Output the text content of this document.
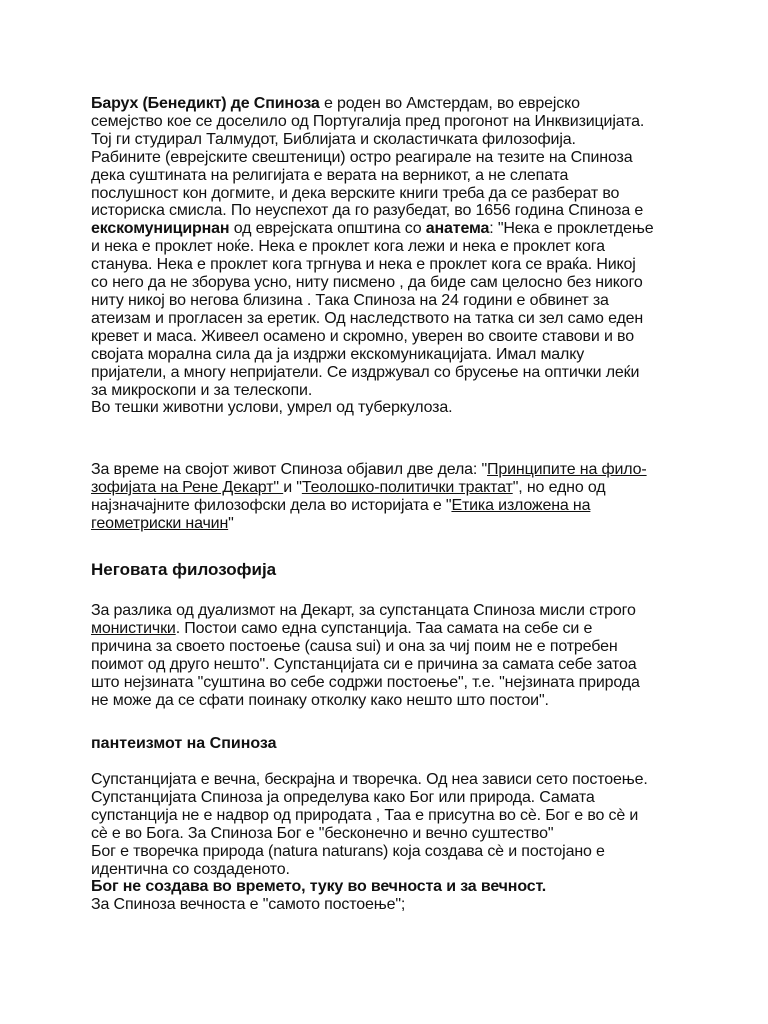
Барух (Бенедикт) де Спиноза е роден во Амстердам, во еврејско
семејство кое се доселило од Португалија пред прогонот на Инквизицијата.
Тој ги студирал Талмудот, Библијата и сколастичката филозофија.
Рабините (еврејските свештеници) остро реагирале на тезите на Спиноза
дека суштината на религијата е верата на верникот, а не слепата
послушност кон догмите, и дека верските книги треба да се разберат во
историска смисла. По неуспехот да го разубедат, во 1656 година Спиноза е
екскомуницирнан од еврејската општина со анатема: "Нека е проклетдење
и нека е проклет ноќе. Нека е проклет кога лежи и нека е проклет кога
станува. Нека е проклет кога тргнува и нека е проклет кога се враќа. Никој
со него да не зборува усно, ниту писмено , да биде сам целосно без никого
ниту никој во негова близина . Така Спиноза на 24 години е обвинет за
атеизам и прогласен за еретик. Од наследството на татка си зел само еден
кревет и маса. Живеел осамено и скромно, уверен во своите ставови и во
својата морална сила да ја издржи екскомуникацијата. Имал малку
пријатели, а многу непријатели. Се издржувал со брусење на оптички леќи
за микроскопи и за телескопи.
Во тешки животни услови, умрел од туберкулоза.
За време на својот живот Спиноза објавил две дела: "Принципите на фило-
зофијата на Рене Декарт" и "Теолошко-политички трактат", но едно од
најзначајните филозофски дела во историјата е "Етика изложена на
геометриски начин"
Неговата филозофија
За разлика од дуализмот на Декарт, за супстанцата Спиноза мисли строго
монистички. Постои само една супстанција. Таа самата на себе си е
причина за своето постоење (causa sui) и она за чиј поим не е потребен
поимот од друго нешто". Супстанцијата си е причина за самата себе затоа
што нејзината "суштина во себе содржи постоење", т.е. "нејзината природа
не може да се сфати поинаку отколку како нешто што постои".
пантеизмот на Спиноза
Супстанцијата е вечна, бескрајна и творечка. Од неа зависи сето постоење.
Супстанцијата Спиноза ја определува како Бог или природа. Самата
супстанција не е надвор од природата , Таа е присутна во сè. Бог е во сè и
сè е во Бога. За Спиноза Бог е "бесконечно и вечно суштество"
Бог е творечка природа (natura naturans) која создава сè и постојано е
идентична со создаденото.
Бог не создава во времето, туку во вечноста и за вечност.
За Спиноза вечноста е "самото постоење";
